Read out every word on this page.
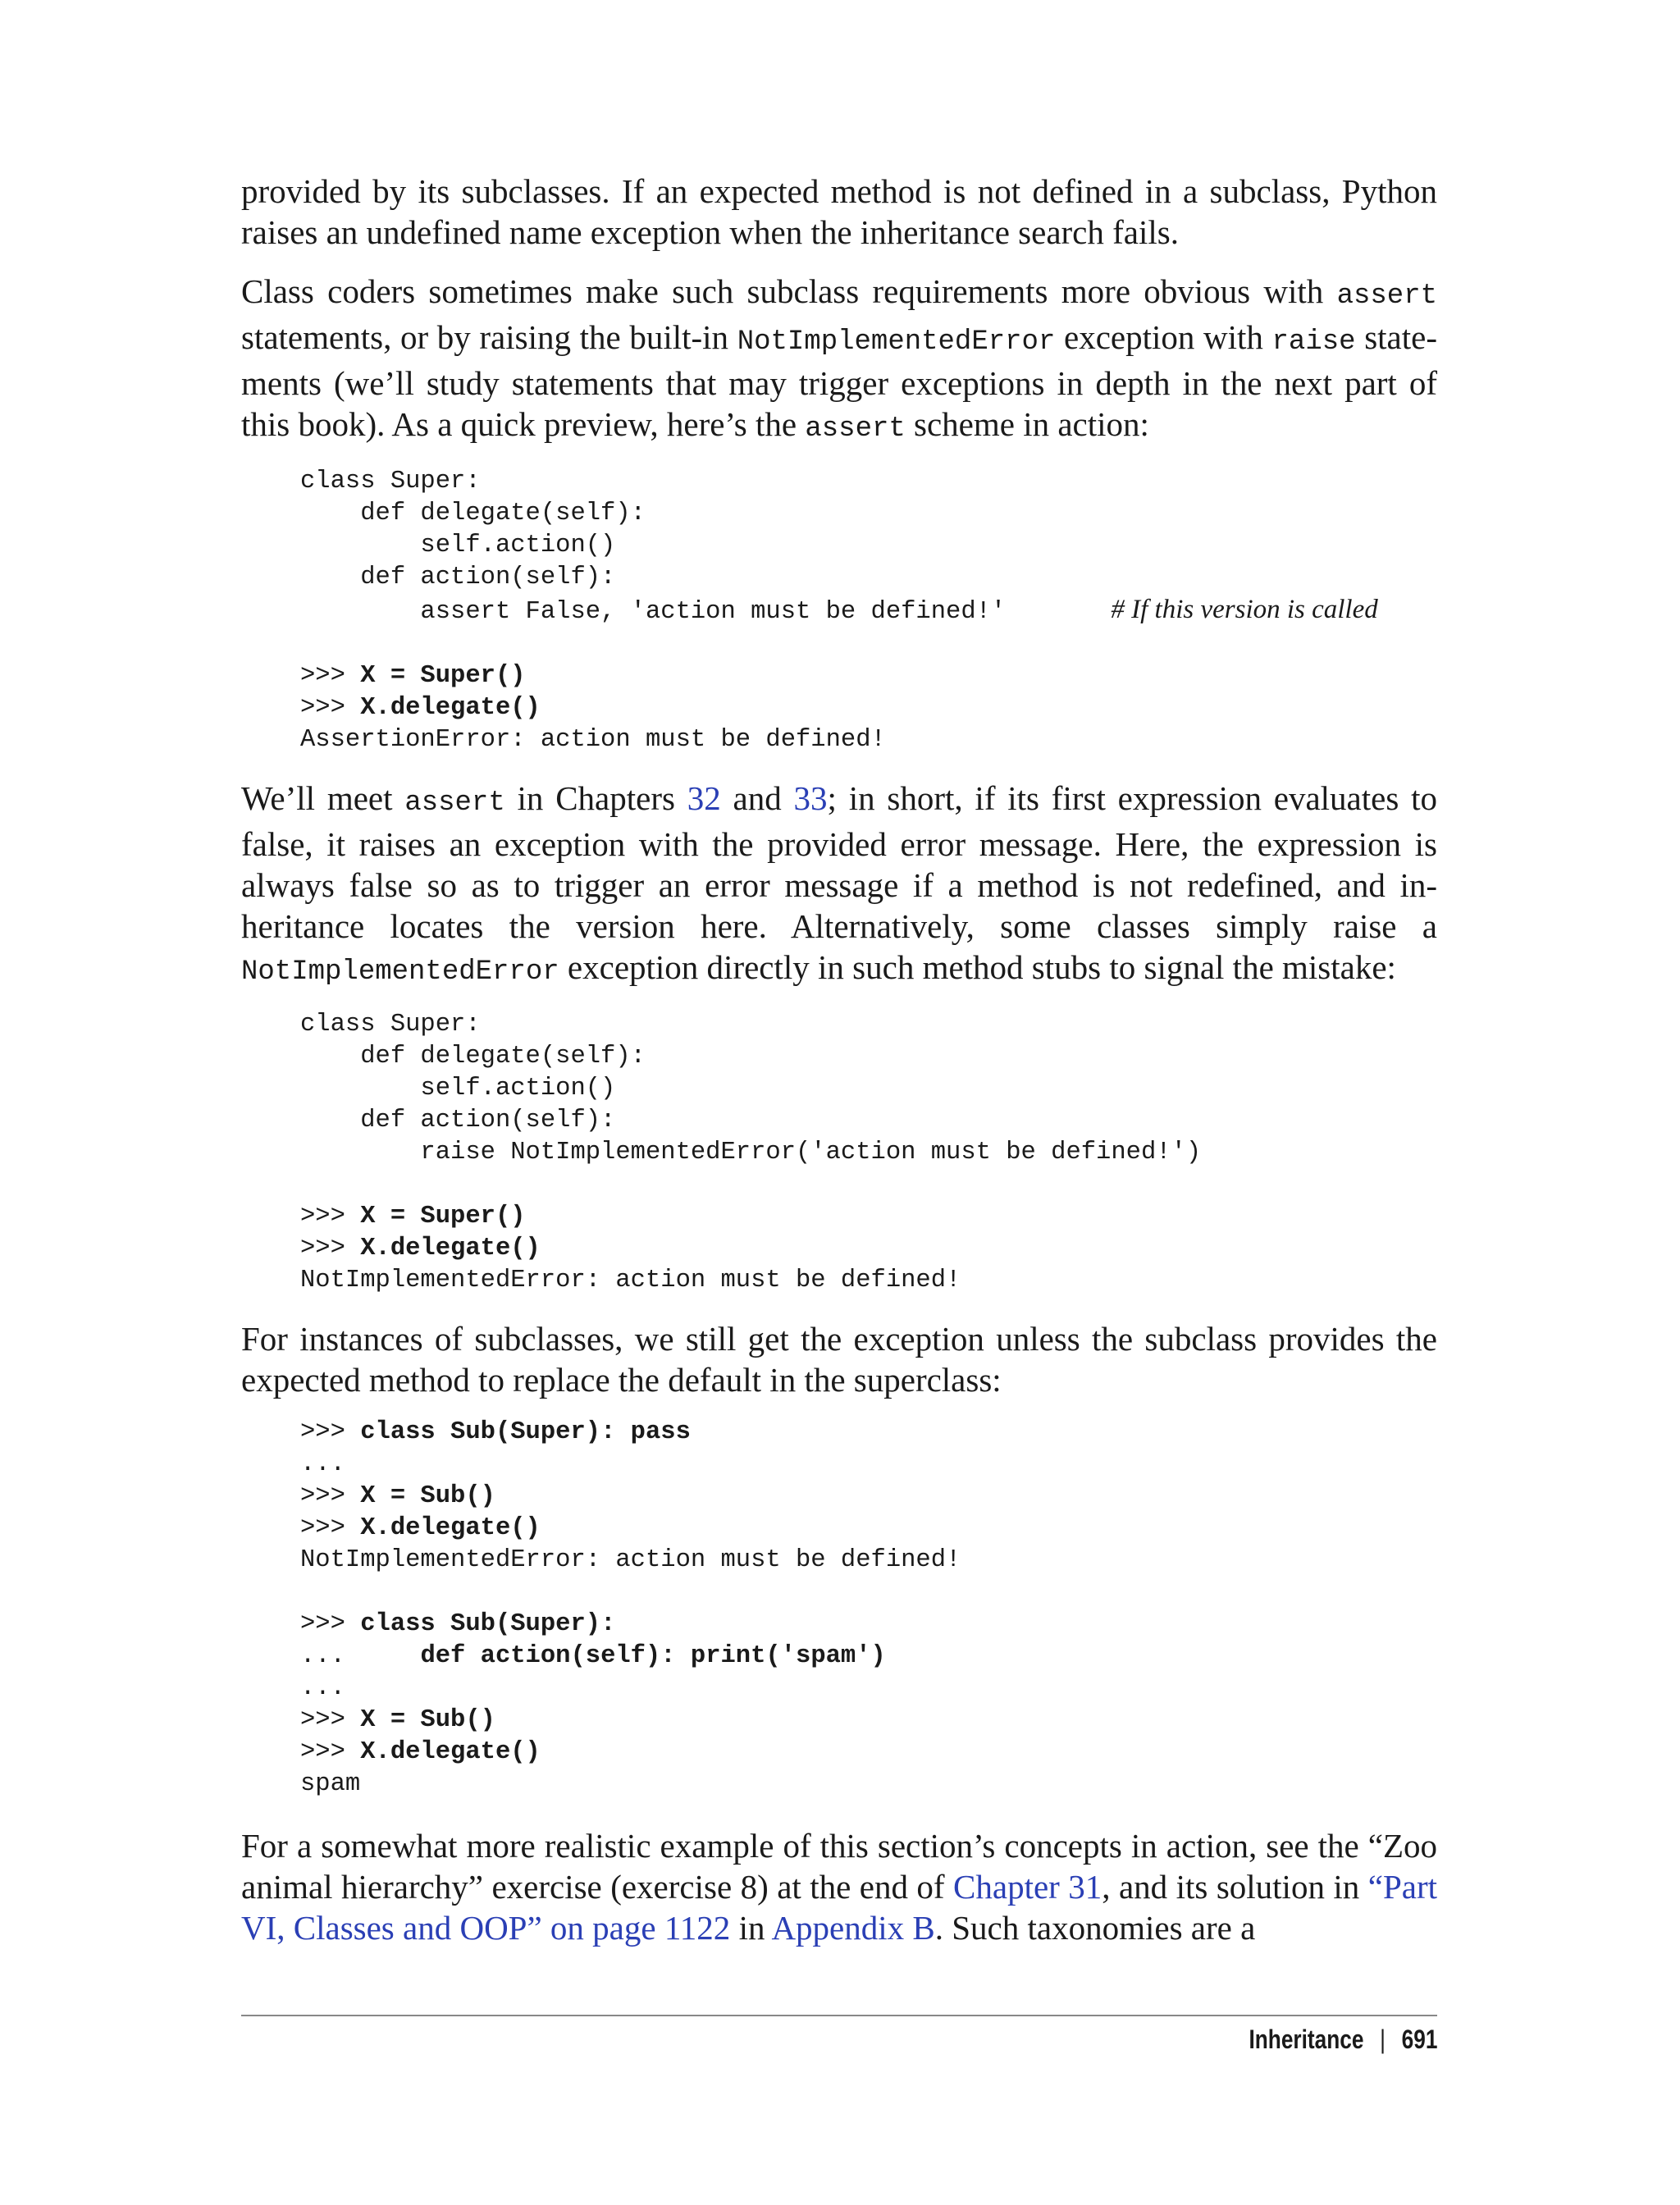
provided by its subclasses. If an expected method is not defined in a subclass, Python raises an undefined name exception when the inheritance search fails.

Class coders sometimes make such subclass requirements more obvious with assert statements, or by raising the built-in NotImplementedError exception with raise statements (we’ll study statements that may trigger exceptions in depth in the next part of this book). As a quick preview, here’s the assert scheme in action:

class Super:
def delegate(self):
self.action()
def action(self):
assert False, 'action must be defined!'	# If this version is called

>>> X = Super()
>>> X.delegate()
AssertionError: action must be defined!

We’ll meet assert in Chapters 32 and 33; in short, if its first expression evaluates to false, it raises an exception with the provided error message. Here, the expression is always false so as to trigger an error message if a method is not redefined, and inheritance locates the version here. Alternatively, some classes simply raise a NotImplementedError exception directly in such method stubs to signal the mistake:

class Super:
def delegate(self):
self.action()
def action(self):
raise NotImplementedError('action must be defined!')

>>> X = Super()
>>> X.delegate()
NotImplementedError: action must be defined!

For instances of subclasses, we still get the exception unless the subclass provides the expected method to replace the default in the superclass:

>>> class Sub(Super): pass
...
>>> X = Sub()
>>> X.delegate()
NotImplementedError: action must be defined!

>>> class Sub(Super):
...     def action(self): print('spam')
...
>>> X = Sub()
>>> X.delegate()
spam

For a somewhat more realistic example of this section’s concepts in action, see the “Zoo animal hierarchy” exercise (exercise 8) at the end of Chapter 31, and its solution in “Part VI, Classes and OOP” on page 1122 in Appendix B. Such taxonomies are a

Inheritance | 691
